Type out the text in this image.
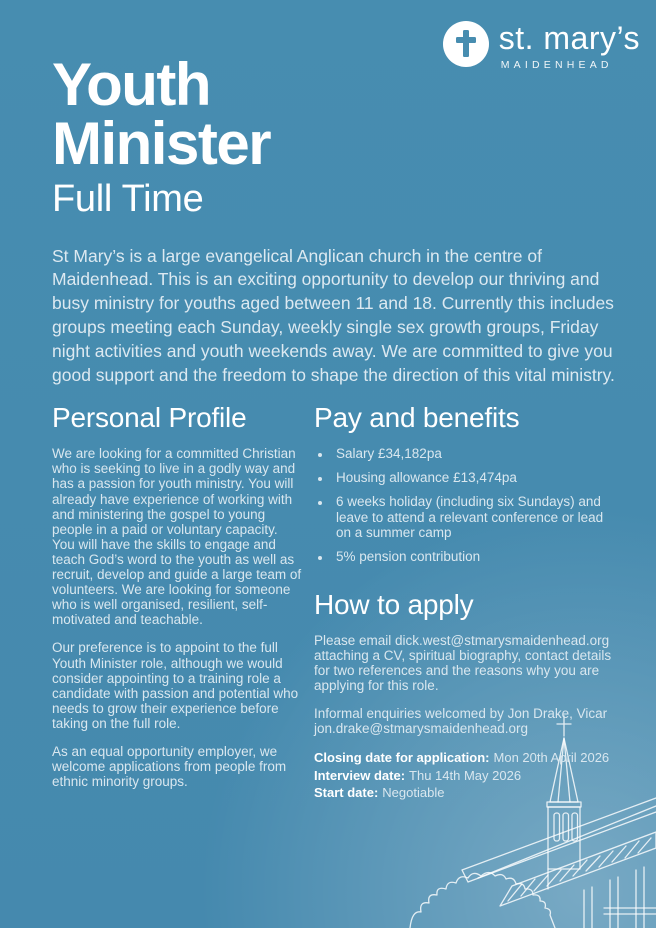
st. mary’s
MAIDENHEAD
Youth Minister
Full Time

St Mary’s is a large evangelical Anglican church in the centre of Maidenhead. This is an exciting opportunity to develop our thriving and busy ministry for youths aged between 11 and 18. Currently this includes groups meeting each Sunday, weekly single sex growth groups, Friday night activities and youth weekends away. We are committed to give you good support and the freedom to shape the direction of this vital ministry.

Personal Profile

We are looking for a committed Christian who is seeking to live in a godly way and has a passion for youth ministry. You will already have experience of working with and ministering the gospel to young people in a paid or voluntary capacity. You will have the skills to engage and teach God’s word to the youth as well as recruit, develop and guide a large team of volunteers. We are looking for someone who is well organised, resilient, self-motivated and teachable.

Our preference is to appoint to the full Youth Minister role, although we would consider appointing to a training role a candidate with passion and potential who needs to grow their experience before taking on the full role.

As an equal opportunity employer, we welcome applications from people from ethnic minority groups.

Pay and benefits
• Salary £34,182pa
• Housing allowance £13,474pa
• 6 weeks holiday (including six Sundays) and leave to attend a relevant conference or lead on a summer camp
• 5% pension contribution
How to apply

Please email dick.west@stmarysmaidenhead.org attaching a CV, spiritual biography, contact details for two references and the reasons why you are applying for this role.

Informal enquiries welcomed by Jon Drake, Vicar
jon.drake@stmarysmaidenhead.org

Closing date for application: Mon 20th April 2026
Interview date: Thu 14th May 2026
Start date: Negotiable
